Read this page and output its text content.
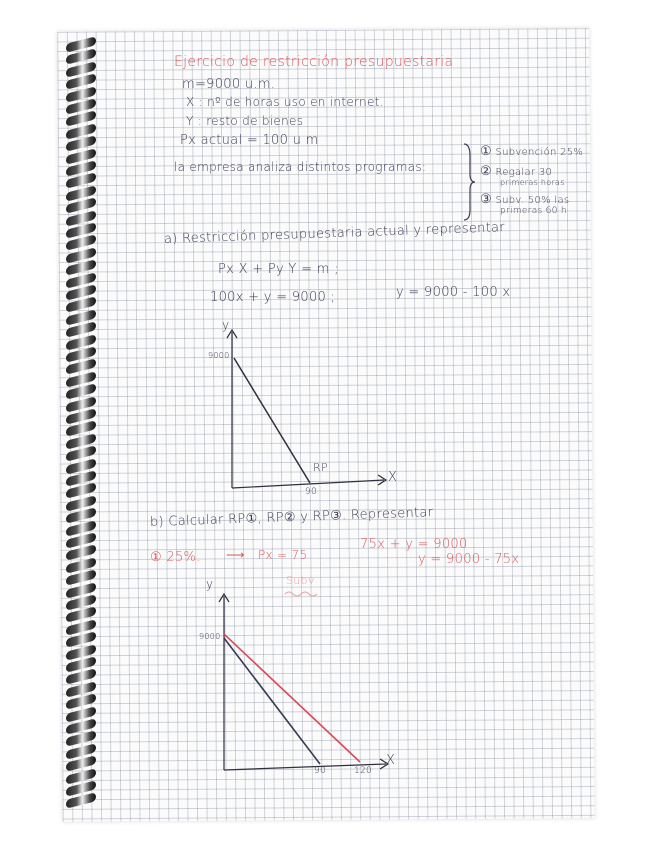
Ejercicio de restricción presupuestaria
m=9000 u.m.
X : nº de horas uso en internet.
Y : resto de bienes
Px actual = 100 u m
la empresa analiza distintos programas:
① Subvención 25%
② Regalar 30
primeras horas
③ Subv. 50% las
primeras 60 h
a) Restricción presupuestaria actual y representar
Px X + Py Y = m ;
100x + y = 9000 ;	y = 9000 - 100 x
y
X
9000
90
RP
b) Calcular RP①, RP② y RP③. Representar
① 25%. ⟶ Px = 75
75x + y = 9000
y = 9000 - 75x
Subv
y
X
9000
90	120
